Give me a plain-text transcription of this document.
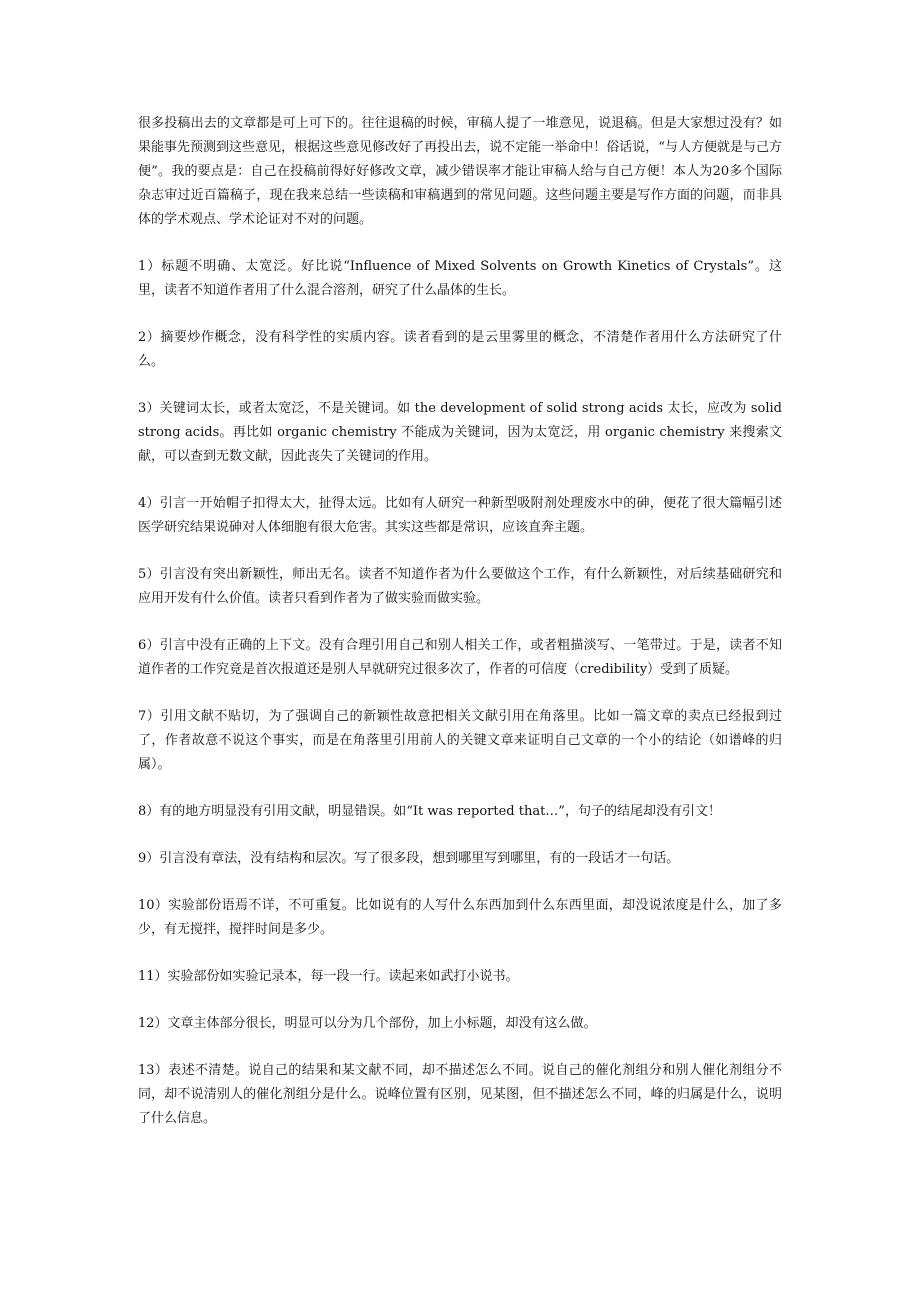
很多投稿出去的文章都是可上可下的。往往退稿的时候，审稿人提了一堆意见，说退稿。但是大家想过没有？如果能事先预测到这些意见，根据这些意见修改好了再投出去，说不定能一举命中！俗话说，“与人方便就是与己方便”。我的要点是：自己在投稿前得好好修改文章，减少错误率才能让审稿人给与自己方便！本人为20多个国际杂志审过近百篇稿子，现在我来总结一些读稿和审稿遇到的常见问题。这些问题主要是写作方面的问题，而非具体的学术观点、学术论证对不对的问题。

1）标题不明确、太宽泛。好比说“Influence of Mixed Solvents on Growth Kinetics of Crystals”。这里，读者不知道作者用了什么混合溶剂，研究了什么晶体的生长。

2）摘要炒作概念，没有科学性的实质内容。读者看到的是云里雾里的概念，不清楚作者用什么方法研究了什么。

3）关键词太长，或者太宽泛，不是关键词。如 the development of solid strong acids 太长，应改为 solid strong acids。再比如 organic chemistry 不能成为关键词，因为太宽泛，用 organic chemistry 来搜索文献，可以查到无数文献，因此丧失了关键词的作用。

4）引言一开始帽子扣得太大，扯得太远。比如有人研究一种新型吸附剂处理废水中的砷，便花了很大篇幅引述医学研究结果说砷对人体细胞有很大危害。其实这些都是常识，应该直奔主题。

5）引言没有突出新颖性，师出无名。读者不知道作者为什么要做这个工作，有什么新颖性，对后续基础研究和应用开发有什么价值。读者只看到作者为了做实验而做实验。

6）引言中没有正确的上下文。没有合理引用自己和别人相关工作，或者粗描淡写、一笔带过。于是，读者不知道作者的工作究竟是首次报道还是别人早就研究过很多次了，作者的可信度（credibility）受到了质疑。

7）引用文献不贴切，为了强调自己的新颖性故意把相关文献引用在角落里。比如一篇文章的卖点已经报到过了，作者故意不说这个事实，而是在角落里引用前人的关键文章来证明自己文章的一个小的结论（如谱峰的归属）。

8）有的地方明显没有引用文献，明显错误。如“It was reported that…”，句子的结尾却没有引文！

9）引言没有章法，没有结构和层次。写了很多段，想到哪里写到哪里，有的一段话才一句话。

10）实验部份语焉不详，不可重复。比如说有的人写什么东西加到什么东西里面，却没说浓度是什么，加了多少，有无搅拌，搅拌时间是多少。

11）实验部份如实验记录本，每一段一行。读起来如武打小说书。

12）文章主体部分很长，明显可以分为几个部份，加上小标题，却没有这么做。

13）表述不清楚。说自己的结果和某文献不同，却不描述怎么不同。说自己的催化剂组分和别人催化剂组分不同，却不说清别人的催化剂组分是什么。说峰位置有区别，见某图，但不描述怎么不同，峰的归属是什么，说明了什么信息。
